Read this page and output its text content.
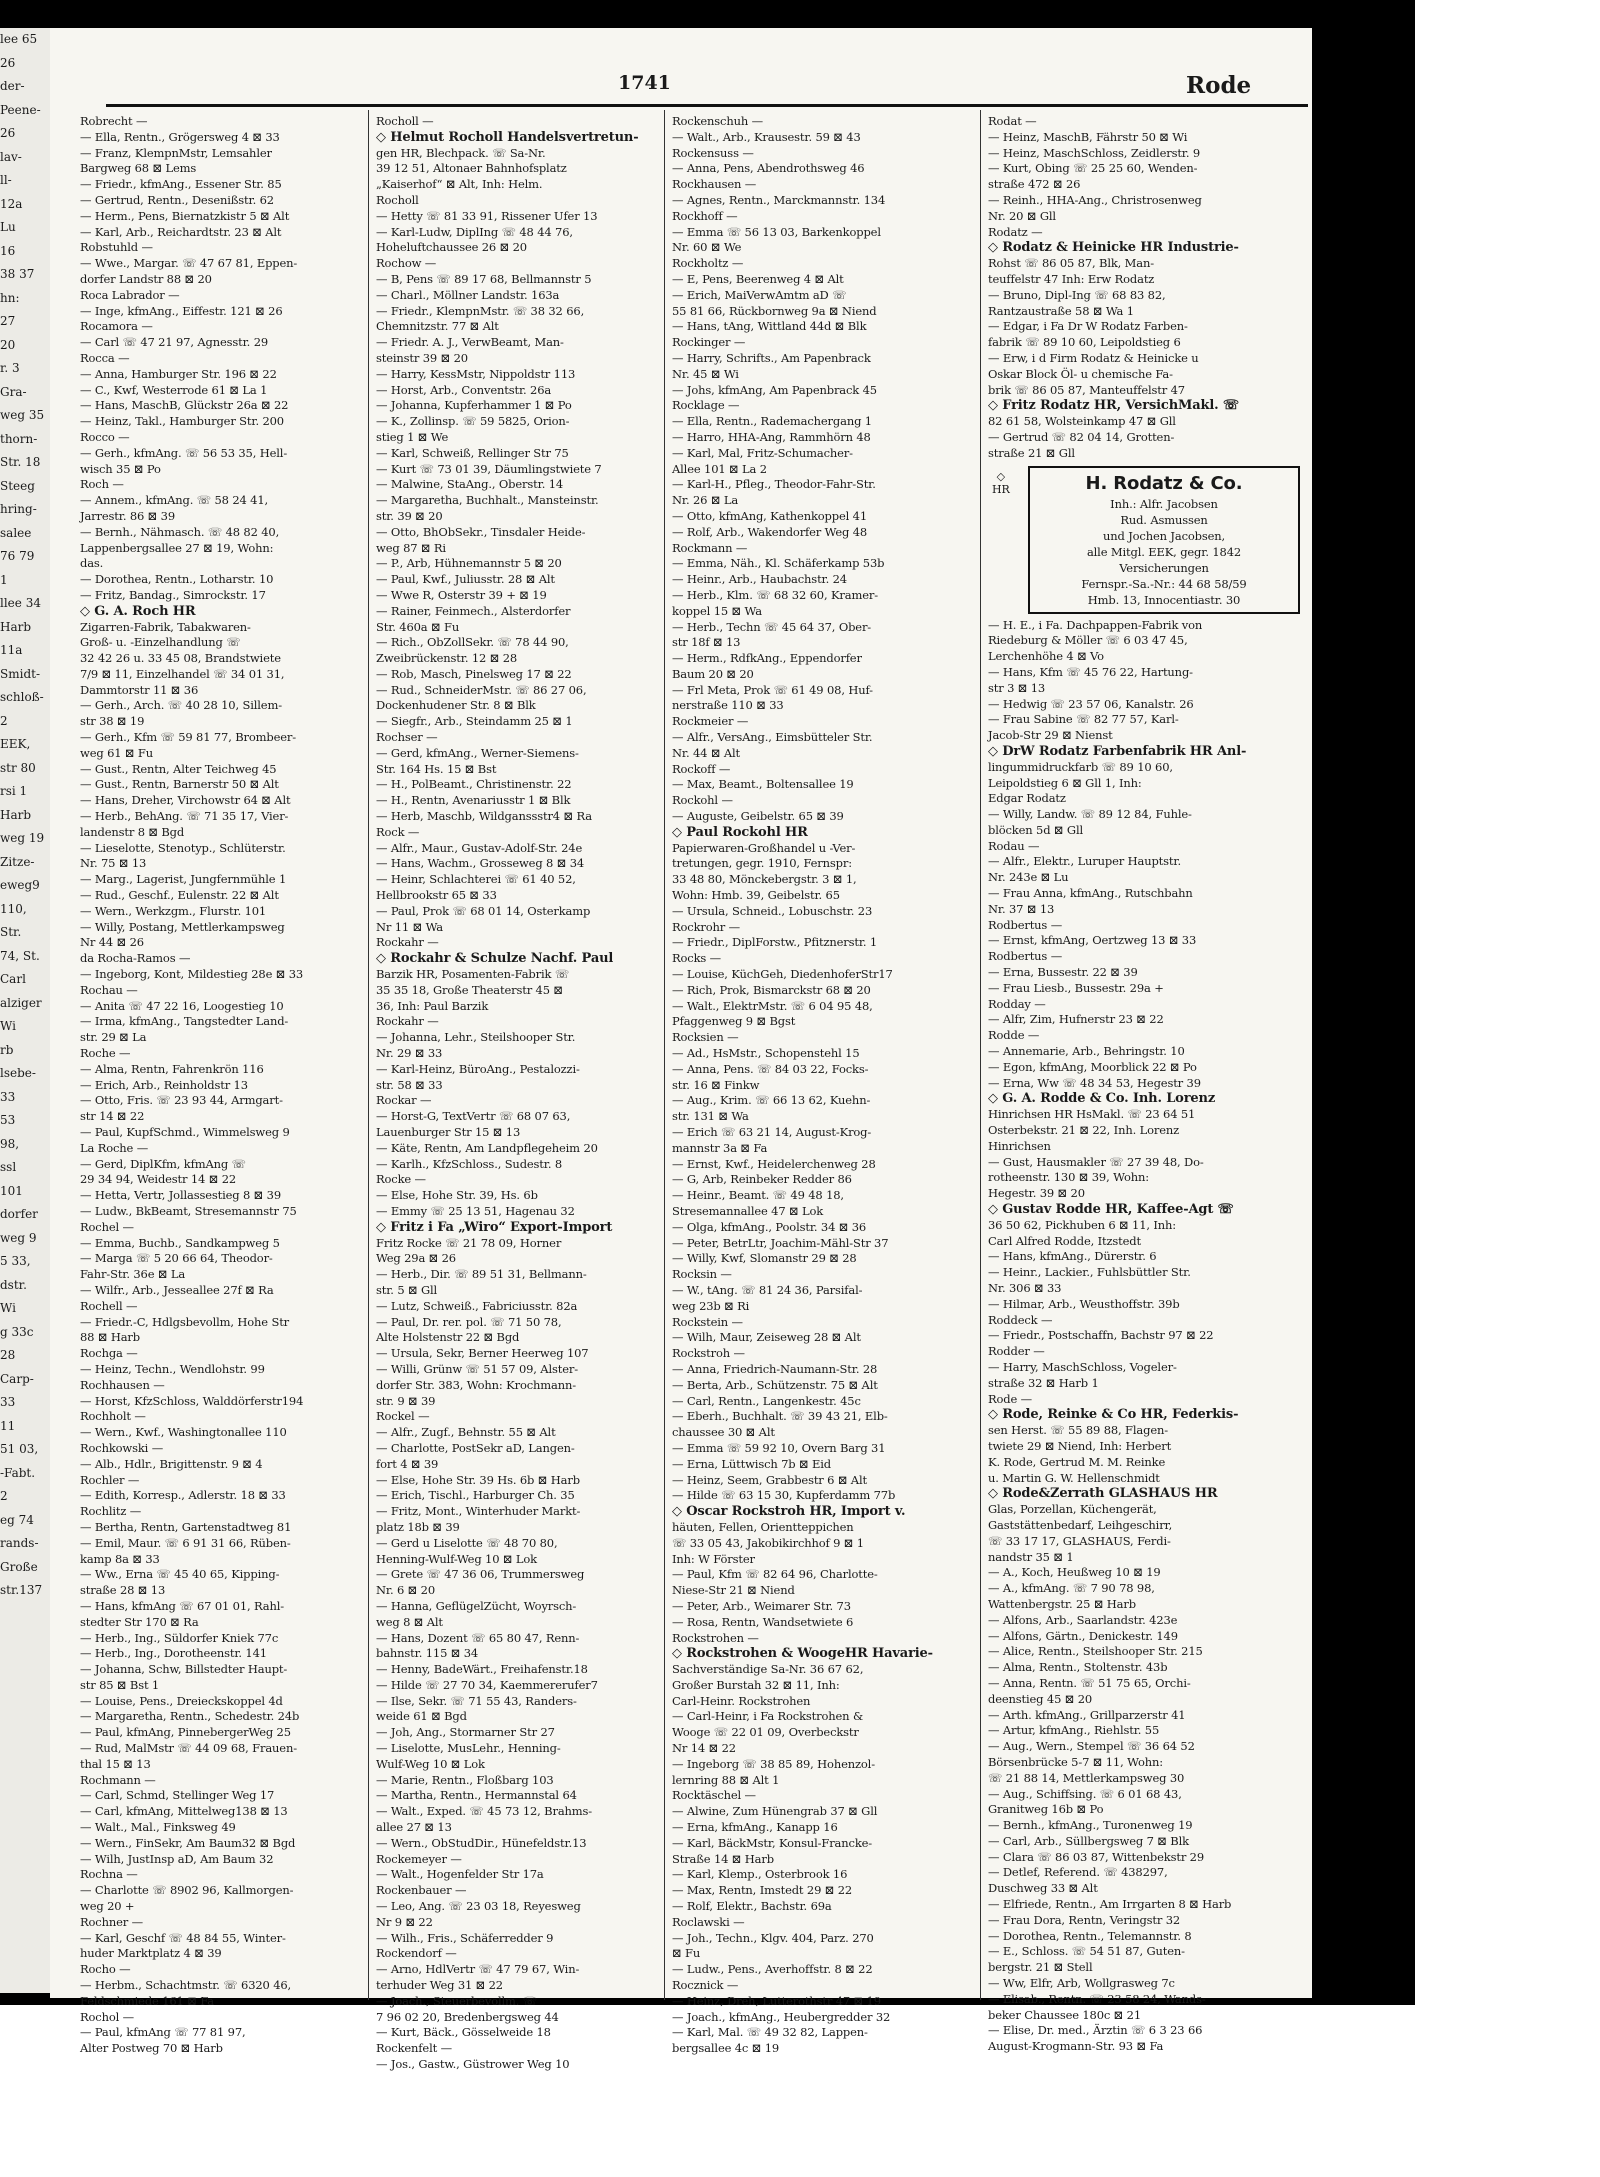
lee 65
26
der-
Peene-
26
lav-
ll-
12a
Lu
16
38 37
hn:
27
20
r. 3
Gra-
weg 35
thorn-
Str. 18
Steeg
hring-
salee
76 79
1
llee 34
Harb
11a
Smidt-
schloß-
2
EEK,
str 80
rsi 1
Harb
weg 19
Zitze-
eweg9
110,
Str.
74, St.
Carl
alziger
Wi
rb
lsebe-
33
53
98,
ssl
101
dorfer
weg 9
5 33,
dstr.
Wi
g 33c
28
Carp-
33
11
51 03,
-Fabt.
2
eg 74
rands-
Große
str.137
1741	Rode
Robrecht —
— Ella, Rentn., Grögersweg 4 ⊠ 33
— Franz, KlempnMstr, Lemsahler
Bargweg 68 ⊠ Lems
— Friedr., kfmAng., Essener Str. 85
— Gertrud, Rentn., Desenißstr. 62
— Herm., Pens, Biernatzkistr 5 ⊠ Alt
— Karl, Arb., Reichardtstr. 23 ⊠ Alt
Robstuhld —
— Wwe., Margar. ☏ 47 67 81, Eppen-
dorfer Landstr 88 ⊠ 20
Roca Labrador —
— Inge, kfmAng., Eiffestr. 121 ⊠ 26
Rocamora —
— Carl ☏ 47 21 97, Agnesstr. 29
Rocca —
— Anna, Hamburger Str. 196 ⊠ 22
— C., Kwf, Westerrode 61 ⊠ La 1
— Hans, MaschB, Glückstr 26a ⊠ 22
— Heinz, Takl., Hamburger Str. 200
Rocco —
— Gerh., kfmAng. ☏ 56 53 35, Hell-
wisch 35 ⊠ Po
Roch —
— Annem., kfmAng. ☏ 58 24 41,
Jarrestr. 86 ⊠ 39
— Bernh., Nähmasch. ☏ 48 82 40,
Lappenbergsallee 27 ⊠ 19, Wohn:
das.
— Dorothea, Rentn., Lotharstr. 10
— Fritz, Bandag., Simrockstr. 17
◇ G. A. Roch HR
Zigarren-Fabrik, Tabakwaren-
Groß- u. -Einzelhandlung ☏
32 42 26 u. 33 45 08, Brandstwiete
7/9 ⊠ 11, Einzelhandel ☏ 34 01 31,
Dammtorstr 11 ⊠ 36
— Gerh., Arch. ☏ 40 28 10, Sillem-
str 38 ⊠ 19
— Gerh., Kfm ☏ 59 81 77, Brombeer-
weg 61 ⊠ Fu
— Gust., Rentn, Alter Teichweg 45
— Gust., Rentn, Barnerstr 50 ⊠ Alt
— Hans, Dreher, Virchowstr 64 ⊠ Alt
— Herb., BehAng. ☏ 71 35 17, Vier-
landenstr 8 ⊠ Bgd
— Lieselotte, Stenotyp., Schlüterstr.
Nr. 75 ⊠ 13
— Marg., Lagerist, Jungfernmühle 1
— Rud., Geschf., Eulenstr. 22 ⊠ Alt
— Wern., Werkzgm., Flurstr. 101
— Willy, Postang, Mettlerkampsweg
Nr 44 ⊠ 26
da Rocha-Ramos —
— Ingeborg, Kont, Mildestieg 28e ⊠ 33
Rochau —
— Anita ☏ 47 22 16, Loogestieg 10
— Irma, kfmAng., Tangstedter Land-
str. 29 ⊠ La
Roche —
— Alma, Rentn, Fahrenkrön 116
— Erich, Arb., Reinholdstr 13
— Otto, Fris. ☏ 23 93 44, Armgart-
str 14 ⊠ 22
— Paul, KupfSchmd., Wimmelsweg 9
La Roche —
— Gerd, DiplKfm, kfmAng ☏
29 34 94, Weidestr 14 ⊠ 22
— Hetta, Vertr, Jollassestieg 8 ⊠ 39
— Ludw., BkBeamt, Stresemannstr 75
Rochel —
— Emma, Buchb., Sandkampweg 5
— Marga ☏ 5 20 66 64, Theodor-
Fahr-Str. 36e ⊠ La
— Wilfr., Arb., Jesseallee 27f ⊠ Ra
Rochell —
— Friedr.-C, Hdlgsbevollm, Hohe Str
88 ⊠ Harb
Rochga —
— Heinz, Techn., Wendlohstr. 99
Rochhausen —
— Horst, KfzSchloss, Walddörferstr194
Rochholt —
— Wern., Kwf., Washingtonallee 110
Rochkowski —
— Alb., Hdlr., Brigittenstr. 9 ⊠ 4
Rochler —
— Edith, Korresp., Adlerstr. 18 ⊠ 33
Rochlitz —
— Bertha, Rentn, Gartenstadtweg 81
— Emil, Maur. ☏ 6 91 31 66, Rüben-
kamp 8a ⊠ 33
— Ww., Erna ☏ 45 40 65, Kipping-
straße 28 ⊠ 13
— Hans, kfmAng ☏ 67 01 01, Rahl-
stedter Str 170 ⊠ Ra
— Herb., Ing., Süldorfer Kniek 77c
— Herb., Ing., Dorotheenstr. 141
— Johanna, Schw, Billstedter Haupt-
str 85 ⊠ Bst 1
— Louise, Pens., Dreieckskoppel 4d
— Margaretha, Rentn., Schedestr. 24b
— Paul, kfmAng, PinnebergerWeg 25
— Rud, MalMstr ☏ 44 09 68, Frauen-
thal 15 ⊠ 13
Rochmann —
— Carl, Schmd, Stellinger Weg 17
— Carl, kfmAng, Mittelweg138 ⊠ 13
— Walt., Mal., Finksweg 49
— Wern., FinSekr, Am Baum32 ⊠ Bgd
— Wilh, JustInsp aD, Am Baum 32
Rochna —
— Charlotte ☏ 8902 96, Kallmorgen-
weg 20 +
Rochner —
— Karl, Geschf ☏ 48 84 55, Winter-
huder Marktplatz 4 ⊠ 39
Rocho —
— Herbm., Schachtmstr. ☏ 6320 46,
Feldschmiede 161 ⊠ Fa
Rochol —
— Paul, kfmAng ☏ 77 81 97,
Alter Postweg 70 ⊠ Harb
Rocholl —
◇ Helmut Rocholl Handelsvertretun-
gen HR, Blechpack. ☏ Sa-Nr.
39 12 51, Altonaer Bahnhofsplatz
„Kaiserhof“ ⊠ Alt, Inh: Helm.
Rocholl
— Hetty ☏ 81 33 91, Rissener Ufer 13
— Karl-Ludw, DiplIng ☏ 48 44 76,
Hoheluftchaussee 26 ⊠ 20
Rochow —
— B, Pens ☏ 89 17 68, Bellmannstr 5
— Charl., Möllner Landstr. 163a
— Friedr., KlempnMstr. ☏ 38 32 66,
Chemnitzstr. 77 ⊠ Alt
— Friedr. A. J., VerwBeamt, Man-
steinstr 39 ⊠ 20
— Harry, KessMstr, Nippoldstr 113
— Horst, Arb., Conventstr. 26a
— Johanna, Kupferhammer 1 ⊠ Po
— K., Zollinsp. ☏ 59 5825, Orion-
stieg 1 ⊠ We
— Karl, Schweiß, Rellinger Str 75
— Kurt ☏ 73 01 39, Däumlingstwiete 7
— Malwine, StaAng., Oberstr. 14
— Margaretha, Buchhalt., Mansteinstr.
str. 39 ⊠ 20
— Otto, BhObSekr., Tinsdaler Heide-
weg 87 ⊠ Ri
— P., Arb, Hühnemannstr 5 ⊠ 20
— Paul, Kwf., Juliusstr. 28 ⊠ Alt
— Wwe R, Osterstr 39 + ⊠ 19
— Rainer, Feinmech., Alsterdorfer
Str. 460a ⊠ Fu
— Rich., ObZollSekr. ☏ 78 44 90,
Zweibrückenstr. 12 ⊠ 28
— Rob, Masch, Pinelsweg 17 ⊠ 22
— Rud., SchneiderMstr. ☏ 86 27 06,
Dockenhudener Str. 8 ⊠ Blk
— Siegfr., Arb., Steindamm 25 ⊠ 1
Rochser —
— Gerd, kfmAng., Werner-Siemens-
Str. 164 Hs. 15 ⊠ Bst
— H., PolBeamt., Christinenstr. 22
— H., Rentn, Avenariusstr 1 ⊠ Blk
— Herb, Maschb, Wildganssstr4 ⊠ Ra
Rock —
— Alfr., Maur., Gustav-Adolf-Str. 24e
— Hans, Wachm., Grosseweg 8 ⊠ 34
— Heinr, Schlachterei ☏ 61 40 52,
Hellbrookstr 65 ⊠ 33
— Paul, Prok ☏ 68 01 14, Osterkamp
Nr 11 ⊠ Wa
Rockahr —
◇ Rockahr & Schulze Nachf. Paul
Barzik HR, Posamenten-Fabrik ☏
35 35 18, Große Theaterstr 45 ⊠
36, Inh: Paul Barzik
Rockahr —
— Johanna, Lehr., Steilshooper Str.
Nr. 29 ⊠ 33
— Karl-Heinz, BüroAng., Pestalozzi-
str. 58 ⊠ 33
Rockar —
— Horst-G, TextVertr ☏ 68 07 63,
Lauenburger Str 15 ⊠ 13
— Käte, Rentn, Am Landpflegeheim 20
— Karlh., KfzSchloss., Sudestr. 8
Rocke —
— Else, Hohe Str. 39, Hs. 6b
— Emmy ☏ 25 13 51, Hagenau 32
◇ Fritz i Fa „Wiro“ Export-Import
Fritz Rocke ☏ 21 78 09, Horner
Weg 29a ⊠ 26
— Herb., Dir. ☏ 89 51 31, Bellmann-
str. 5 ⊠ Gll
— Lutz, Schweiß., Fabriciusstr. 82a
— Paul, Dr. rer. pol. ☏ 71 50 78,
Alte Holstenstr 22 ⊠ Bgd
— Ursula, Sekr, Berner Heerweg 107
— Willi, Grünw ☏ 51 57 09, Alster-
dorfer Str. 383, Wohn: Krochmann-
str. 9 ⊠ 39
Rockel —
— Alfr., Zugf., Behnstr. 55 ⊠ Alt
— Charlotte, PostSekr aD, Langen-
fort 4 ⊠ 39
— Else, Hohe Str. 39 Hs. 6b ⊠ Harb
— Erich, Tischl., Harburger Ch. 35
— Fritz, Mont., Winterhuder Markt-
platz 18b ⊠ 39
— Gerd u Liselotte ☏ 48 70 80,
Henning-Wulf-Weg 10 ⊠ Lok
— Grete ☏ 47 36 06, Trummersweg
Nr. 6 ⊠ 20
— Hanna, GeflügelZücht, Woyrsch-
weg 8 ⊠ Alt
— Hans, Dozent ☏ 65 80 47, Renn-
bahnstr. 115 ⊠ 34
— Henny, BadeWärt., Freihafenstr.18
— Hilde ☏ 27 70 34, Kaemmererufer7
— Ilse, Sekr. ☏ 71 55 43, Randers-
weide 61 ⊠ Bgd
— Joh, Ang., Stormarner Str 27
— Liselotte, MusLehr., Henning-
Wulf-Weg 10 ⊠ Lok
— Marie, Rentn., Floßbarg 103
— Martha, Rentn., Hermannstal 64
— Walt., Exped. ☏ 45 73 12, Brahms-
allee 27 ⊠ 13
— Wern., ObStudDir., Hünefeldstr.13
Rockemeyer —
— Walt., Hogenfelder Str 17a
Rockenbauer —
— Leo, Ang. ☏ 23 03 18, Reyesweg
Nr 9 ⊠ 22
— Wilh., Fris., Schäferredder 9
Rockendorf —
— Arno, HdlVertr ☏ 47 79 67, Win-
terhuder Weg 31 ⊠ 22
— Joach., Steuerbevollm. ☏
7 96 02 20, Bredenbergsweg 44
— Kurt, Bäck., Gösselweide 18
Rockenfelt —
— Jos., Gastw., Güstrower Weg 10
Rockenschuh —
— Walt., Arb., Krausestr. 59 ⊠ 43
Rockensuss —
— Anna, Pens, Abendrothsweg 46
Rockhausen —
— Agnes, Rentn., Marckmannstr. 134
Rockhoff —
— Emma ☏ 56 13 03, Barkenkoppel
Nr. 60 ⊠ We
Rockholtz —
— E, Pens, Beerenweg 4 ⊠ Alt
— Erich, MaiVerwAmtm aD ☏
55 81 66, Rückbornweg 9a ⊠ Niend
— Hans, tAng, Wittland 44d ⊠ Blk
Rockinger —
— Harry, Schrifts., Am Papenbrack
Nr. 45 ⊠ Wi
— Johs, kfmAng, Am Papenbrack 45
Rocklage —
— Ella, Rentn., Rademachergang 1
— Harro, HHA-Ang, Rammhörn 48
— Karl, Mal, Fritz-Schumacher-
Allee 101 ⊠ La 2
— Karl-H., Pfleg., Theodor-Fahr-Str.
Nr. 26 ⊠ La
— Otto, kfmAng, Kathenkoppel 41
— Rolf, Arb., Wakendorfer Weg 48
Rockmann —
— Emma, Näh., Kl. Schäferkamp 53b
— Heinr., Arb., Haubachstr. 24
— Herb., Klm. ☏ 68 32 60, Kramer-
koppel 15 ⊠ Wa
— Herb., Techn ☏ 45 64 37, Ober-
str 18f ⊠ 13
— Herm., RdfkAng., Eppendorfer
Baum 20 ⊠ 20
— Frl Meta, Prok ☏ 61 49 08, Huf-
nerstraße 110 ⊠ 33
Rockmeier —
— Alfr., VersAng., Eimsbütteler Str.
Nr. 44 ⊠ Alt
Rockoff —
— Max, Beamt., Boltensallee 19
Rockohl —
— Auguste, Geibelstr. 65 ⊠ 39
◇ Paul Rockohl HR
Papierwaren-Großhandel u -Ver-
tretungen, gegr. 1910, Fernspr:
33 48 80, Mönckebergstr. 3 ⊠ 1,
Wohn: Hmb. 39, Geibelstr. 65
— Ursula, Schneid., Lobuschstr. 23
Rockrohr —
— Friedr., DiplForstw., Pfitznerstr. 1
Rocks —
— Louise, KüchGeh, DiedenhoferStr17
— Rich, Prok, Bismarckstr 68 ⊠ 20
— Walt., ElektrMstr. ☏ 6 04 95 48,
Pfaggenweg 9 ⊠ Bgst
Rocksien —
— Ad., HsMstr., Schopenstehl 15
— Anna, Pens. ☏ 84 03 22, Focks-
str. 16 ⊠ Finkw
— Aug., Krim. ☏ 66 13 62, Kuehn-
str. 131 ⊠ Wa
— Erich ☏ 63 21 14, August-Krog-
mannstr 3a ⊠ Fa
— Ernst, Kwf., Heidelerchenweg 28
— G, Arb, Reinbeker Redder 86
— Heinr., Beamt. ☏ 49 48 18,
Stresemannallee 47 ⊠ Lok
— Olga, kfmAng., Poolstr. 34 ⊠ 36
— Peter, BetrLtr, Joachim-Mähl-Str 37
— Willy, Kwf, Slomanstr 29 ⊠ 28
Rocksin —
— W., tAng. ☏ 81 24 36, Parsifal-
weg 23b ⊠ Ri
Rockstein —
— Wilh, Maur, Zeiseweg 28 ⊠ Alt
Rockstroh —
— Anna, Friedrich-Naumann-Str. 28
— Berta, Arb., Schützenstr. 75 ⊠ Alt
— Carl, Rentn., Langenkestr. 45c
— Eberh., Buchhalt. ☏ 39 43 21, Elb-
chaussee 30 ⊠ Alt
— Emma ☏ 59 92 10, Overn Barg 31
— Erna, Lüttwisch 7b ⊠ Eid
— Heinz, Seem, Grabbestr 6 ⊠ Alt
— Hilde ☏ 63 15 30, Kupferdamm 77b
◇ Oscar Rockstroh HR, Import v.
häuten, Fellen, Orientteppichen
☏ 33 05 43, Jakobikirchhof 9 ⊠ 1
Inh: W Förster
— Paul, Kfm ☏ 82 64 96, Charlotte-
Niese-Str 21 ⊠ Niend
— Peter, Arb., Weimarer Str. 73
— Rosa, Rentn, Wandsetwiete 6
Rockstrohen —
◇ Rockstrohen & WoogeHR Havarie-
Sachverständige Sa-Nr. 36 67 62,
Großer Burstah 32 ⊠ 11, Inh:
Carl-Heinr. Rockstrohen
— Carl-Heinr, i Fa Rockstrohen &
Wooge ☏ 22 01 09, Overbeckstr
Nr 14 ⊠ 22
— Ingeborg ☏ 38 85 89, Hohenzol-
lernring 88 ⊠ Alt 1
Rocktäschel —
— Alwine, Zum Hünengrab 37 ⊠ Gll
— Erna, kfmAng., Kanapp 16
— Karl, BäckMstr, Konsul-Francke-
Straße 14 ⊠ Harb
— Karl, Klemp., Osterbrook 16
— Max, Rentn, Imstedt 29 ⊠ 22
— Rolf, Elektr., Bachstr. 69a
Roclawski —
— Joh., Techn., Klgv. 404, Parz. 270
⊠ Fu
— Ludw., Pens., Averhoffstr. 8 ⊠ 22
Rocznick —
— Heinz, Dreh, Lutterothstr 47 ⊠ 19
— Joach., kfmAng., Heubergredder 32
— Karl, Mal. ☏ 49 32 82, Lappen-
bergsallee 4c ⊠ 19
Rodat —
— Heinz, MaschB, Fährstr 50 ⊠ Wi
— Heinz, MaschSchloss, Zeidlerstr. 9
— Kurt, Obing ☏ 25 25 60, Wenden-
straße 472 ⊠ 26
— Reinh., HHA-Ang., Christrosenweg
Nr. 20 ⊠ Gll
Rodatz —
◇ Rodatz & Heinicke HR Industrie-
Rohst ☏ 86 05 87, Blk, Man-
teuffelstr 47 Inh: Erw Rodatz
— Bruno, Dipl-Ing ☏ 68 83 82,
Rantzaustraße 58 ⊠ Wa 1
— Edgar, i Fa Dr W Rodatz Farben-
fabrik ☏ 89 10 60, Leipoldstieg 6
— Erw, i d Firm Rodatz & Heinicke u
Oskar Block Öl- u chemische Fa-
brik ☏ 86 05 87, Manteuffelstr 47
◇ Fritz Rodatz HR, VersichMakl. ☏
82 61 58, Wolsteinkamp 47 ⊠ Gll
— Gertrud ☏ 82 04 14, Grotten-
straße 21 ⊠ Gll
◇
HR	H. Rodatz & Co.
Inh.: Alfr. Jacobsen
Rud. Asmussen
und Jochen Jacobsen,
alle Mitgl. EEK, gegr. 1842
Versicherungen
Fernspr.-Sa.-Nr.: 44 68 58/59
Hmb. 13, Innocentiastr. 30
— H. E., i Fa. Dachpappen-Fabrik von
Riedeburg & Möller ☏ 6 03 47 45,
Lerchenhöhe 4 ⊠ Vo
— Hans, Kfm ☏ 45 76 22, Hartung-
str 3 ⊠ 13
— Hedwig ☏ 23 57 06, Kanalstr. 26
— Frau Sabine ☏ 82 77 57, Karl-
Jacob-Str 29 ⊠ Nienst
◇ DrW Rodatz Farbenfabrik HR Anl-
lingummidruckfarb ☏ 89 10 60,
Leipoldstieg 6 ⊠ Gll 1, Inh:
Edgar Rodatz
— Willy, Landw. ☏ 89 12 84, Fuhle-
blöcken 5d ⊠ Gll
Rodau —
— Alfr., Elektr., Luruper Hauptstr.
Nr. 243e ⊠ Lu
— Frau Anna, kfmAng., Rutschbahn
Nr. 37 ⊠ 13
Rodbertus —
— Ernst, kfmAng, Oertzweg 13 ⊠ 33
Rodbertus —
— Erna, Bussestr. 22 ⊠ 39
— Frau Liesb., Bussestr. 29a +
Rodday —
— Alfr, Zim, Hufnerstr 23 ⊠ 22
Rodde —
— Annemarie, Arb., Behringstr. 10
— Egon, kfmAng, Moorblick 22 ⊠ Po
— Erna, Ww ☏ 48 34 53, Hegestr 39
◇ G. A. Rodde & Co. Inh. Lorenz
Hinrichsen HR HsMakl. ☏ 23 64 51
Osterbekstr. 21 ⊠ 22, Inh. Lorenz
Hinrichsen
— Gust, Hausmakler ☏ 27 39 48, Do-
rotheenstr. 130 ⊠ 39, Wohn:
Hegestr. 39 ⊠ 20
◇ Gustav Rodde HR, Kaffee-Agt ☏
36 50 62, Pickhuben 6 ⊠ 11, Inh:
Carl Alfred Rodde, Itzstedt
— Hans, kfmAng., Dürerstr. 6
— Heinr., Lackier., Fuhlsbüttler Str.
Nr. 306 ⊠ 33
— Hilmar, Arb., Weusthoffstr. 39b
Roddeck —
— Friedr., Postschaffn, Bachstr 97 ⊠ 22
Rodder —
— Harry, MaschSchloss, Vogeler-
straße 32 ⊠ Harb 1
Rode —
◇ Rode, Reinke & Co HR, Federkis-
sen Herst. ☏ 55 89 88, Flagen-
twiete 29 ⊠ Niend, Inh: Herbert
K. Rode, Gertrud M. M. Reinke
u. Martin G. W. Hellenschmidt
◇ Rode&Zerrath GLASHAUS HR
Glas, Porzellan, Küchengerät,
Gaststättenbedarf, Leihgeschirr,
☏ 33 17 17, GLASHAUS, Ferdi-
nandstr 35 ⊠ 1
— A., Koch, Heußweg 10 ⊠ 19
— A., kfmAng. ☏ 7 90 78 98,
Wattenbergstr. 25 ⊠ Harb
— Alfons, Arb., Saarlandstr. 423e
— Alfons, Gärtn., Denickestr. 149
— Alice, Rentn., Steilshooper Str. 215
— Alma, Rentn., Stoltenstr. 43b
— Anna, Rentn. ☏ 51 75 65, Orchi-
deenstieg 45 ⊠ 20
— Arth. kfmAng., Grillparzerstr 41
— Artur, kfmAng., Riehlstr. 55
— Aug., Wern., Stempel ☏ 36 64 52
Börsenbrücke 5-7 ⊠ 11, Wohn:
☏ 21 88 14, Mettlerkampsweg 30
— Aug., Schiffsing. ☏ 6 01 68 43,
Granitweg 16b ⊠ Po
— Bernh., kfmAng., Turonenweg 19
— Carl, Arb., Süllbergsweg 7 ⊠ Blk
— Clara ☏ 86 03 87, Wittenbekstr 29
— Detlef, Referend. ☏ 438297,
Duschweg 33 ⊠ Alt
— Elfriede, Rentn., Am Irrgarten 8 ⊠ Harb
— Frau Dora, Rentn, Veringstr 32
— Dorothea, Rentn., Telemannstr. 8
— E., Schloss. ☏ 54 51 87, Guten-
bergstr. 21 ⊠ Stell
— Ww, Elfr, Arb, Wollgrasweg 7c
— Elisab., Rentn. ☏ 23 58 24, Wands-
beker Chaussee 180c ⊠ 21
— Elise, Dr. med., Ärztin ☏ 6 3 23 66
August-Krogmann-Str. 93 ⊠ Fa
